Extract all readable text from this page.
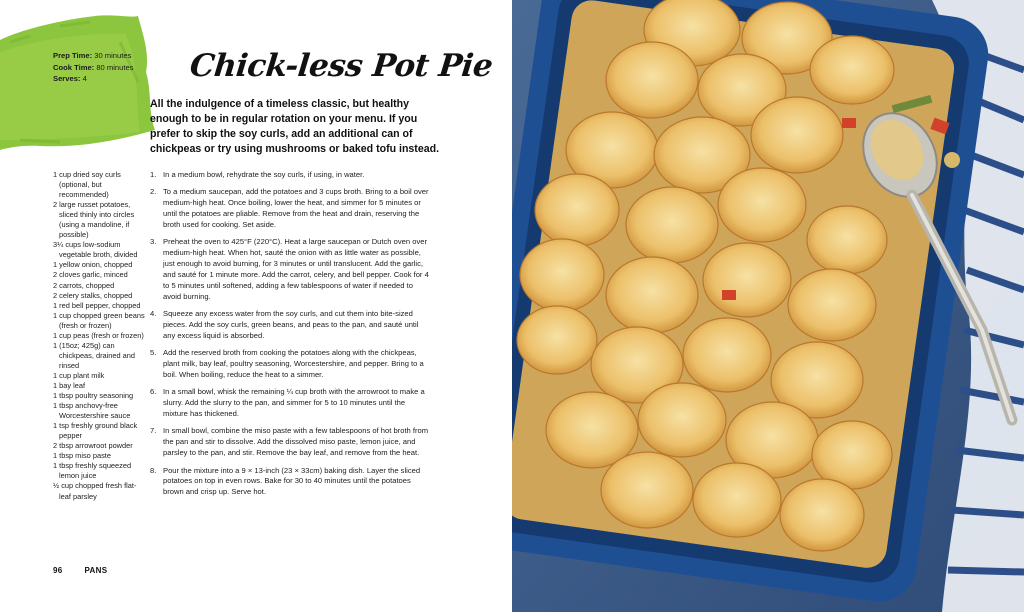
Prep Time: 30 minutes
Cook Time: 80 minutes
Serves: 4	Chick-less Pot Pie
All the indulgence of a timeless classic, but healthy enough to be in regular rotation on your menu. If you prefer to skip the soy curls, add an additional can of chickpeas or try using mushrooms or baked tofu instead.
1 cup dried soy curls (optional, but recommended)
2 large russet potatoes, sliced thinly into circles (using a mandoline, if possible)
3¼ cups low-sodium vegetable broth, divided
1 yellow onion, chopped
2 cloves garlic, minced
2 carrots, chopped
2 celery stalks, chopped
1 red bell pepper, chopped
1 cup chopped green beans (fresh or frozen)
1 cup peas (fresh or frozen)
1 (15oz; 425g) can chickpeas, drained and rinsed
1 cup plant milk
1 bay leaf
1 tbsp poultry seasoning
1 tbsp anchovy-free Worcestershire sauce
1 tsp freshly ground black pepper
2 tbsp arrowroot powder
1 tbsp miso paste
1 tbsp freshly squeezed lemon juice
½ cup chopped fresh flat-leaf parsley
1. In a medium bowl, rehydrate the soy curls, if using, in water.
2. To a medium saucepan, add the potatoes and 3 cups broth. Bring to a boil over medium-high heat. Once boiling, lower the heat, and simmer for 5 minutes or until the potatoes are pliable. Remove from the heat and drain, reserving the broth used for cooking. Set aside.
3. Preheat the oven to 425°F (220°C). Heat a large saucepan or Dutch oven over medium-high heat. When hot, sauté the onion with as little water as possible, just enough to avoid burning, for 3 minutes or until translucent. Add the garlic, and sauté for 1 minute more. Add the carrot, celery, and bell pepper. Cook for 4 to 5 minutes until softened, adding a few tablespoons of water if needed to avoid burning.
4. Squeeze any excess water from the soy curls, and cut them into bite-sized pieces. Add the soy curls, green beans, and peas to the pan, and sauté until any excess liquid is absorbed.
5. Add the reserved broth from cooking the potatoes along with the chickpeas, plant milk, bay leaf, poultry seasoning, Worcestershire, and pepper. Bring to a boil. When boiling, reduce the heat to a simmer.
6. In a small bowl, whisk the remaining ¼ cup broth with the arrowroot to make a slurry. Add the slurry to the pan, and simmer for 5 to 10 minutes until the mixture has thickened.
7. In small bowl, combine the miso paste with a few tablespoons of hot broth from the pan and stir to dissolve. Add the dissolved miso paste, lemon juice, and parsley to the pan, and stir. Remove the bay leaf, and remove from the heat.
8. Pour the mixture into a 9 × 13-inch (23 × 33cm) baking dish. Layer the sliced potatoes on top in even rows. Bake for 30 to 40 minutes until the potatoes brown and crisp up. Serve hot.
96	PANS
